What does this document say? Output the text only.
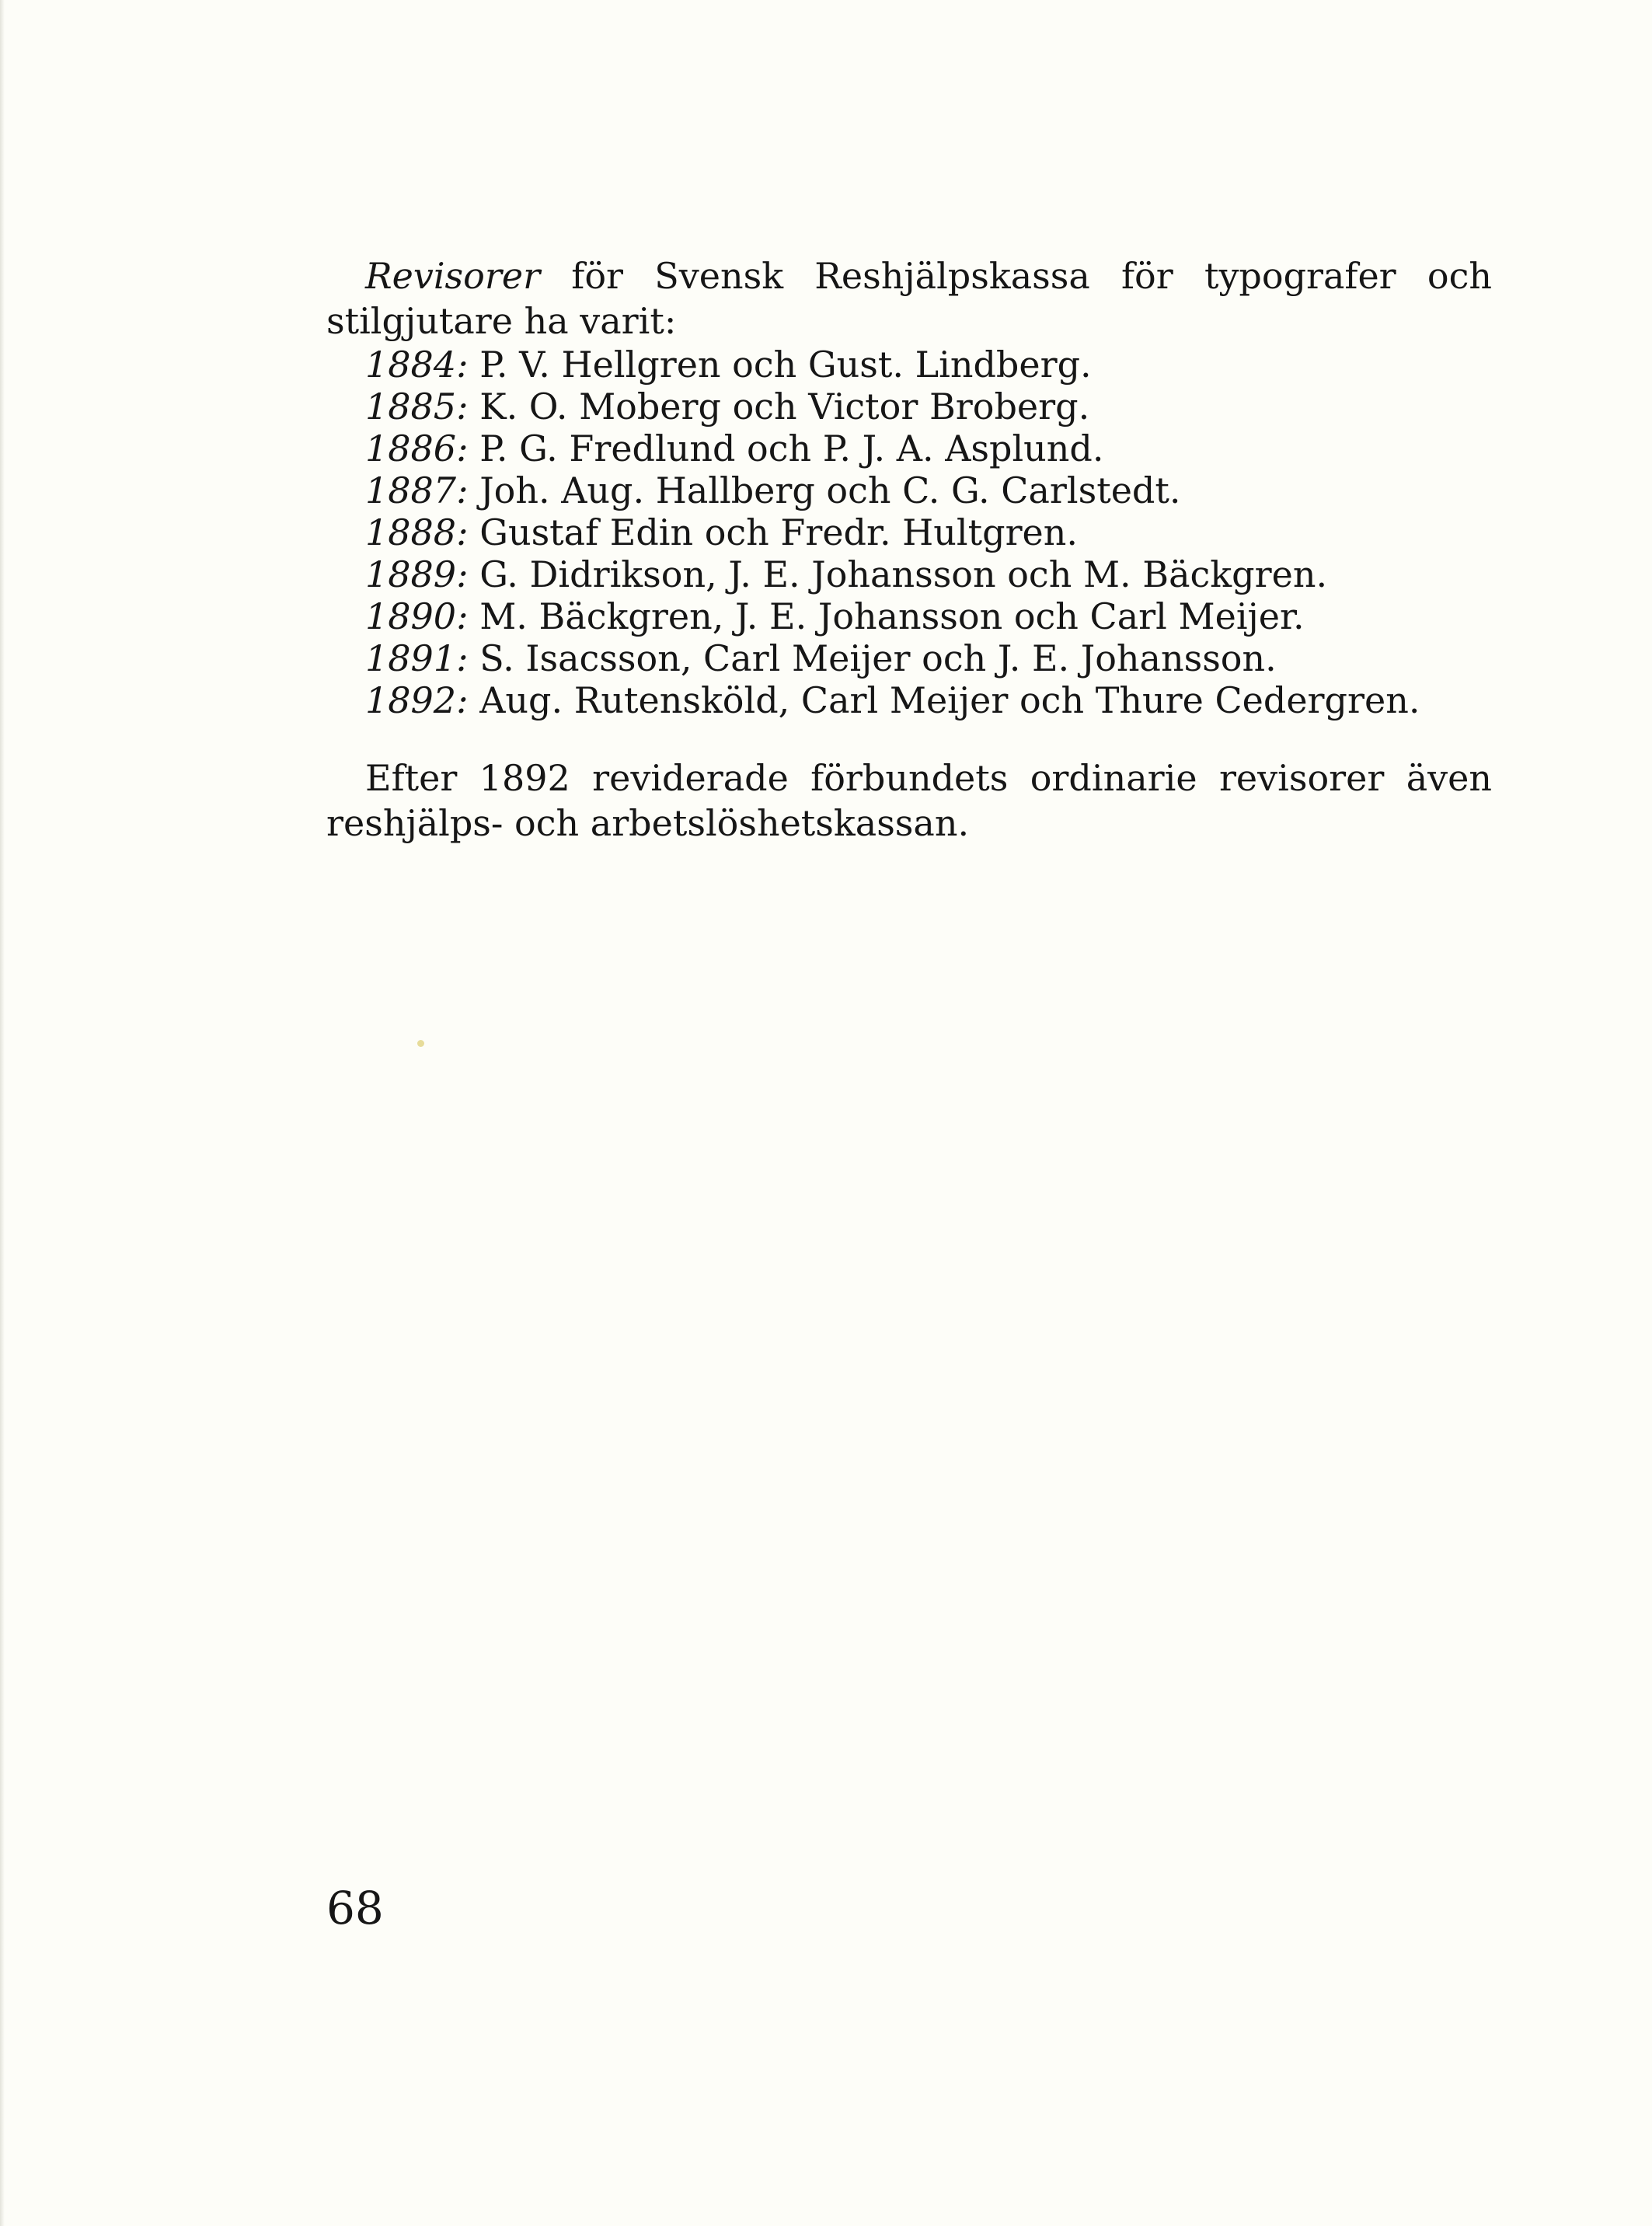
Revisorer för Svensk Reshjälpskassa för typografer och stilgjutare ha varit:

1884: P. V. Hellgren och Gust. Lindberg.
1885: K. O. Moberg och Victor Broberg.
1886: P. G. Fredlund och P. J. A. Asplund.
1887: Joh. Aug. Hallberg och C. G. Carlstedt.
1888: Gustaf Edin och Fredr. Hultgren.
1889: G. Didrikson, J. E. Johansson och M. Bäckgren.
1890: M. Bäckgren, J. E. Johansson och Carl Meijer.
1891: S. Isacsson, Carl Meijer och J. E. Johansson.
1892: Aug. Rutensköld, Carl Meijer och Thure Cedergren.

Efter 1892 reviderade förbundets ordinarie revisorer även reshjälps- och arbetslöshetskassan.

68
